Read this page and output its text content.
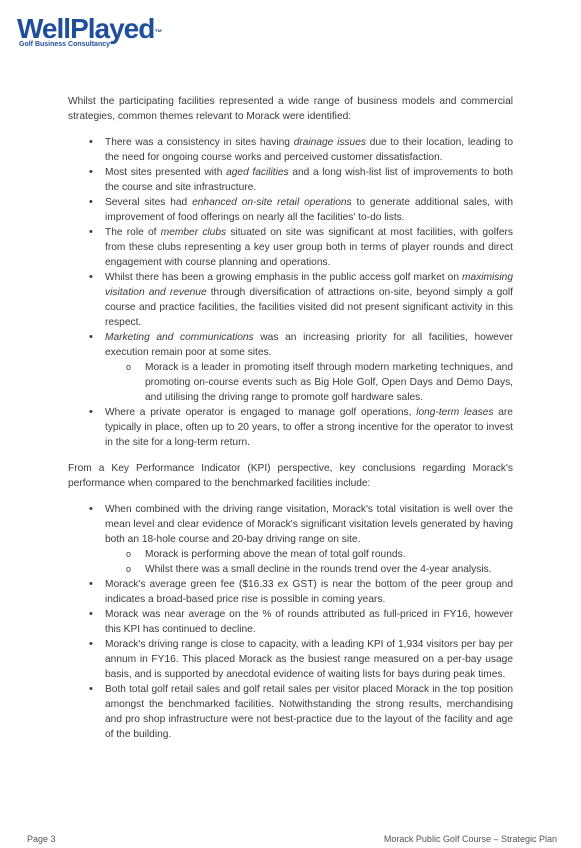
WellPlayed™
Golf Business Consultancy

Whilst the participating facilities represented a wide range of business models and commercial strategies, common themes relevant to Morack were identified:

• There was a consistency in sites having drainage issues due to their location, leading to the need for ongoing course works and perceived customer dissatisfaction.
• Most sites presented with aged facilities and a long wish-list list of improvements to both the course and site infrastructure.
• Several sites had enhanced on-site retail operations to generate additional sales, with improvement of food offerings on nearly all the facilities' to-do lists.
• The role of member clubs situated on site was significant at most facilities, with golfers from these clubs representing a key user group both in terms of player rounds and direct engagement with course planning and operations.
• Whilst there has been a growing emphasis in the public access golf market on maximising visitation and revenue through diversification of attractions on-site, beyond simply a golf course and practice facilities, the facilities visited did not present significant activity in this respect.
• Marketing and communications was an increasing priority for all facilities, however execution remain poor at some sites.
o Morack is a leader in promoting itself through modern marketing techniques, and promoting on-course events such as Big Hole Golf, Open Days and Demo Days, and utilising the driving range to promote golf hardware sales.
• Where a private operator is engaged to manage golf operations, long-term leases are typically in place, often up to 20 years, to offer a strong incentive for the operator to invest in the site for a long-term return.

From a Key Performance Indicator (KPI) perspective, key conclusions regarding Morack's performance when compared to the benchmarked facilities include:

• When combined with the driving range visitation, Morack's total visitation is well over the mean level and clear evidence of Morack's significant visitation levels generated by having both an 18-hole course and 20-bay driving range on site.
o Morack is performing above the mean of total golf rounds.
o Whilst there was a small decline in the rounds trend over the 4-year analysis.
• Morack's average green fee ($16.33 ex GST) is near the bottom of the peer group and indicates a broad-based price rise is possible in coming years.
• Morack was near average on the % of rounds attributed as full-priced in FY16, however this KPI has continued to decline.
• Morack's driving range is close to capacity, with a leading KPI of 1,934 visitors per bay per annum in FY16. This placed Morack as the busiest range measured on a per-bay usage basis, and is supported by anecdotal evidence of waiting lists for bays during peak times.
• Both total golf retail sales and golf retail sales per visitor placed Morack in the top position amongst the benchmarked facilities. Notwithstanding the strong results, merchandising and pro shop infrastructure were not best-practice due to the layout of the facility and age of the building.
Page 3	Morack Public Golf Course – Strategic Plan
